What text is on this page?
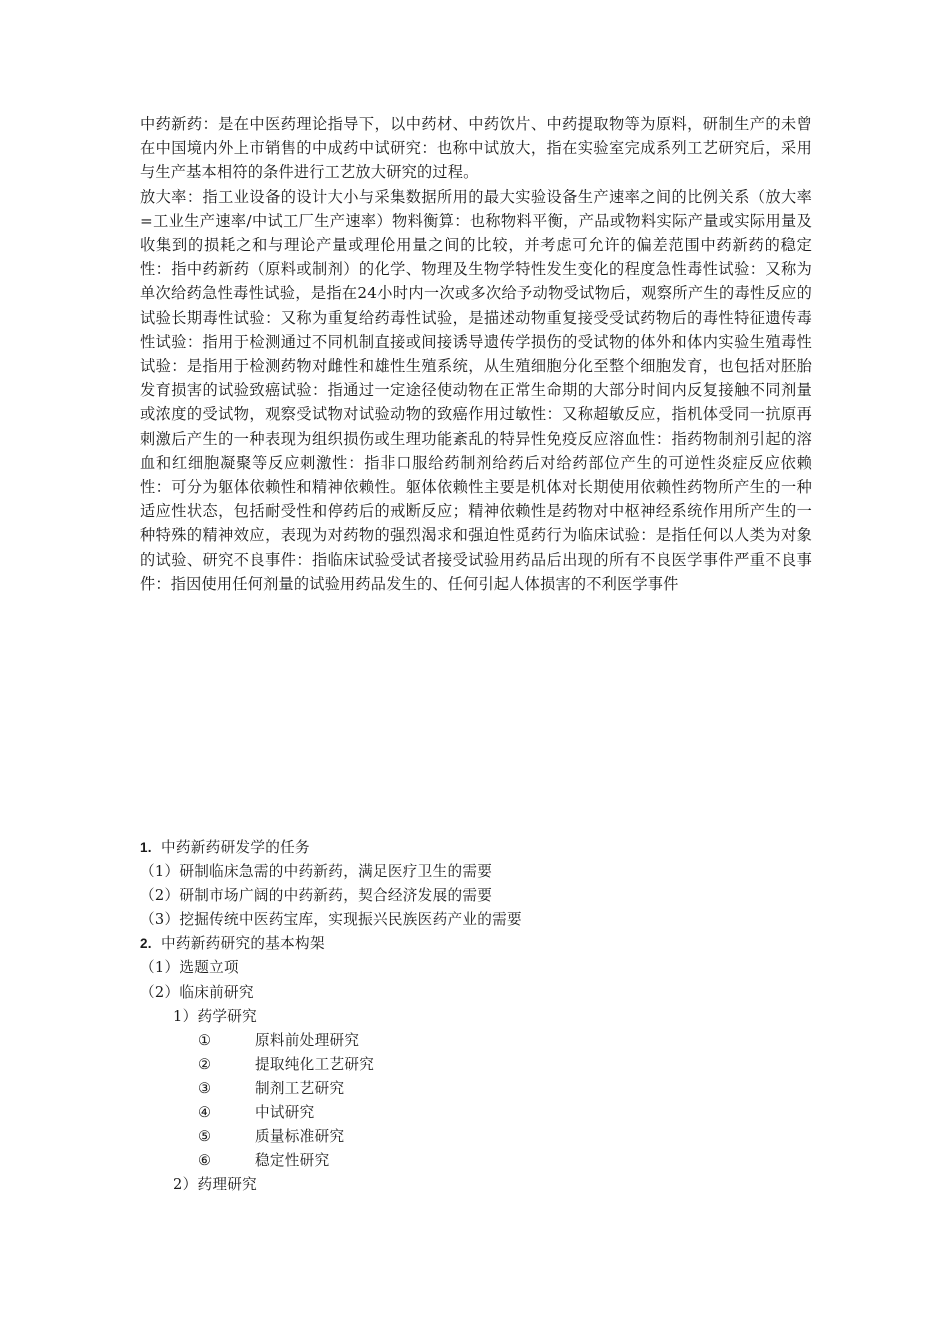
中药新药：是在中医药理论指导下，以中药材、中药饮片、中药提取物等为原料，研制生产的未曾在中国境内外上市销售的中成药中试研究：也称中试放大，指在实验室完成系列工艺研究后，采用与生产基本相符的条件进行工艺放大研究的过程。

放大率：指工业设备的设计大小与采集数据所用的最大实验设备生产速率之间的比例关系（放大率=工业生产速率/中试工厂生产速率）物料衡算：也称物料平衡，产品或物料实际产量或实际用量及收集到的损耗之和与理论产量或理伦用量之间的比较，并考虑可允许的偏差范围中药新药的稳定性：指中药新药（原料或制剂）的化学、物理及生物学特性发生变化的程度急性毒性试验：又称为单次给药急性毒性试验，是指在24小时内一次或多次给予动物受试物后，观察所产生的毒性反应的试验长期毒性试验：又称为重复给药毒性试验，是描述动物重复接受受试药物后的毒性特征遗传毒性试验：指用于检测通过不同机制直接或间接诱导遗传学损伤的受试物的体外和体内实验生殖毒性试验：是指用于检测药物对雌性和雄性生殖系统，从生殖细胞分化至整个细胞发育，也包括对胚胎发育损害的试验致癌试验：指通过一定途径使动物在正常生命期的大部分时间内反复接触不同剂量或浓度的受试物，观察受试物对试验动物的致癌作用过敏性：又称超敏反应，指机体受同一抗原再刺激后产生的一种表现为组织损伤或生理功能紊乱的特异性免疫反应溶血性：指药物制剂引起的溶血和红细胞凝聚等反应刺激性：指非口服给药制剂给药后对给药部位产生的可逆性炎症反应依赖性：可分为躯体依赖性和精神依赖性。躯体依赖性主要是机体对长期使用依赖性药物所产生的一种适应性状态，包括耐受性和停药后的戒断反应；精神依赖性是药物对中枢神经系统作用所产生的一种特殊的精神效应，表现为对药物的强烈渴求和强迫性觅药行为临床试验：是指任何以人类为对象的试验、研究不良事件：指临床试验受试者接受试验用药品后出现的所有不良医学事件严重不良事件：指因使用任何剂量的试验用药品发生的、任何引起人体损害的不利医学事件

1. 中药新药研发学的任务
（1）研制临床急需的中药新药，满足医疗卫生的需要
（2）研制市场广阔的中药新药，契合经济发展的需要
（3）挖掘传统中医药宝库，实现振兴民族医药产业的需要
2. 中药新药研究的基本构架
（1）选题立项
（2）临床前研究
1）药学研究
①	原料前处理研究
②	提取纯化工艺研究
③	制剂工艺研究
④	中试研究
⑤	质量标准研究
⑥	稳定性研究
2）药理研究
